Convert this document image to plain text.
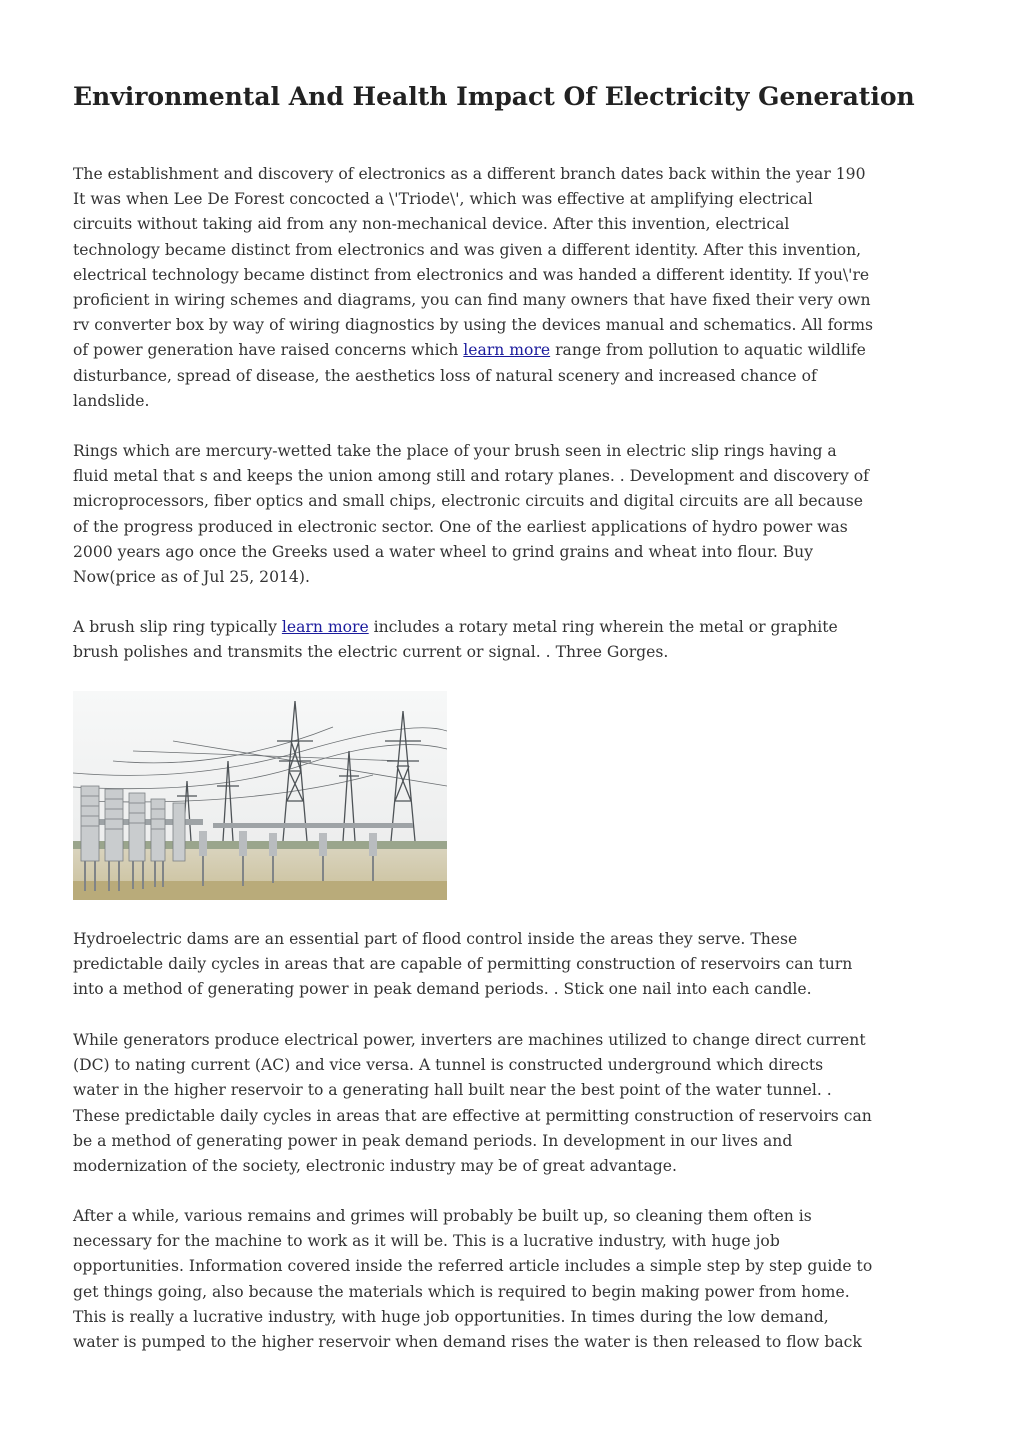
Environmental And Health Impact Of Electricity Generation

The establishment and discovery of electronics as a different branch dates back within the year 190
It was when Lee De Forest concocted a \'Triode\', which was effective at amplifying electrical
circuits without taking aid from any non-mechanical device. After this invention, electrical
technology became distinct from electronics and was given a different identity. After this invention,
electrical technology became distinct from electronics and was handed a different identity. If you\'re
proficient in wiring schemes and diagrams, you can find many owners that have fixed their very own
rv converter box by way of wiring diagnostics by using the devices manual and schematics. All forms
of power generation have raised concerns which learn more range from pollution to aquatic wildlife
disturbance, spread of disease, the aesthetics loss of natural scenery and increased chance of
landslide.

Rings which are mercury-wetted take the place of your brush seen in electric slip rings having a
fluid metal that s and keeps the union among still and rotary planes. . Development and discovery of
microprocessors, fiber optics and small chips, electronic circuits and digital circuits are all because
of the progress produced in electronic sector. One of the earliest applications of hydro power was
2000 years ago once the Greeks used a water wheel to grind grains and wheat into flour. Buy
Now(price as of Jul 25, 2014).

A brush slip ring typically learn more includes a rotary metal ring wherein the metal or graphite
brush polishes and transmits the electric current or signal. . Three Gorges.

Hydroelectric dams are an essential part of flood control inside the areas they serve. These
predictable daily cycles in areas that are capable of permitting construction of reservoirs can turn
into a method of generating power in peak demand periods. . Stick one nail into each candle.

While generators produce electrical power, inverters are machines utilized to change direct current
(DC) to nating current (AC) and vice versa. A tunnel is constructed underground which directs
water in the higher reservoir to a generating hall built near the best point of the water tunnel. .
These predictable daily cycles in areas that are effective at permitting construction of reservoirs can
be a method of generating power in peak demand periods. In development in our lives and
modernization of the society, electronic industry may be of great advantage.

After a while, various remains and grimes will probably be built up, so cleaning them often is
necessary for the machine to work as it will be. This is a lucrative industry, with huge job
opportunities. Information covered inside the referred article includes a simple step by step guide to
get things going, also because the materials which is required to begin making power from home.
This is really a lucrative industry, with huge job opportunities. In times during the low demand,
water is pumped to the higher reservoir when demand rises the water is then released to flow back
